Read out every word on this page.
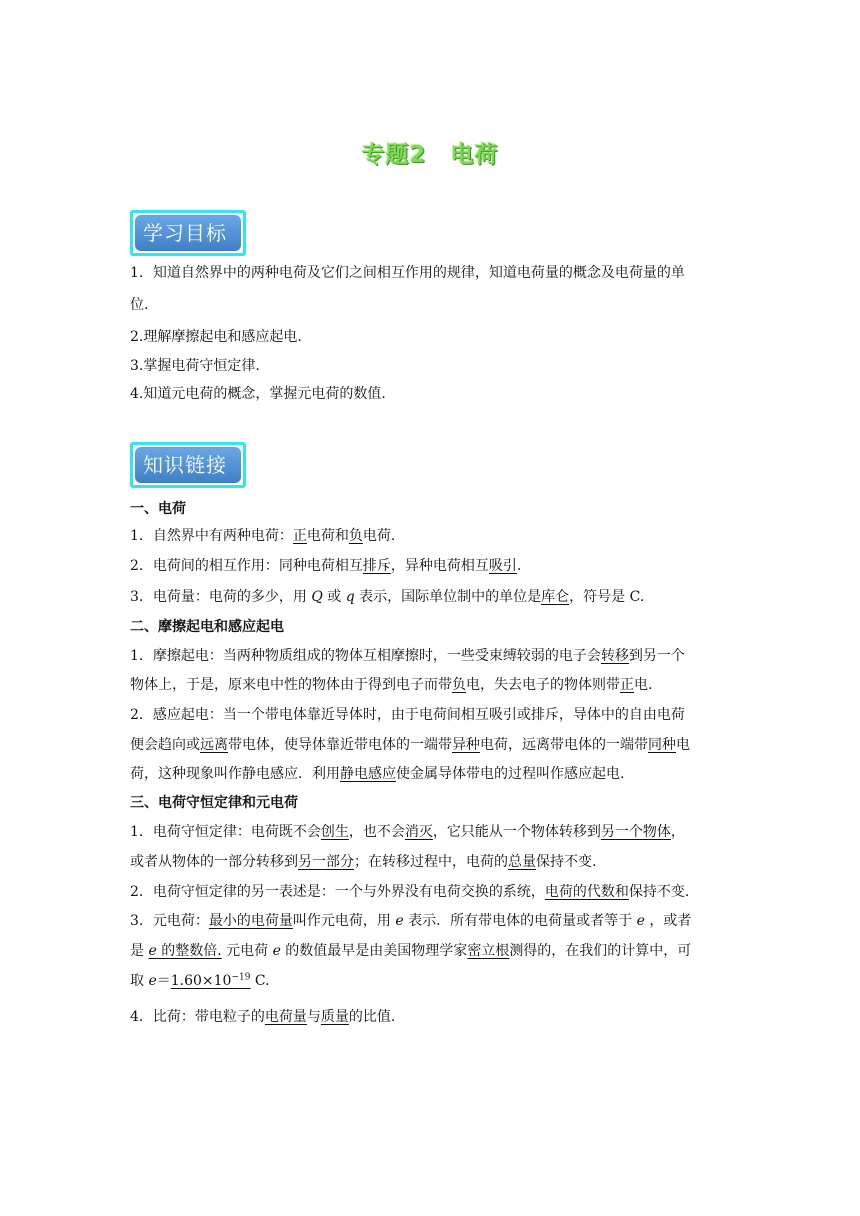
专题2　电荷
学习目标
1．知道自然界中的两种电荷及它们之间相互作用的规律，知道电荷量的概念及电荷量的单
位.
2.理解摩擦起电和感应起电.
3.掌握电荷守恒定律.
4.知道元电荷的概念，掌握元电荷的数值.
知识链接
一、电荷
1．自然界中有两种电荷：正电荷和负电荷.
2．电荷间的相互作用：同种电荷相互排斥，异种电荷相互吸引.
3．电荷量：电荷的多少，用 Q 或 q 表示，国际单位制中的单位是库仑，符号是 C.
二、摩擦起电和感应起电
1．摩擦起电：当两种物质组成的物体互相摩擦时，一些受束缚较弱的电子会转移到另一个
物体上，于是，原来电中性的物体由于得到电子而带负电，失去电子的物体则带正电.
2．感应起电：当一个带电体靠近导体时，由于电荷间相互吸引或排斥，导体中的自由电荷
便会趋向或远离带电体，使导体靠近带电体的一端带异种电荷，远离带电体的一端带同种电
荷，这种现象叫作静电感应．利用静电感应使金属导体带电的过程叫作感应起电.
三、电荷守恒定律和元电荷
1．电荷守恒定律：电荷既不会创生，也不会消灭，它只能从一个物体转移到另一个物体，
或者从物体的一部分转移到另一部分；在转移过程中，电荷的总量保持不变.
2．电荷守恒定律的另一表述是：一个与外界没有电荷交换的系统，电荷的代数和保持不变.
3．元电荷：最小的电荷量叫作元电荷，用 e 表示．所有带电体的电荷量或者等于 e ，或者
是 e 的整数倍. 元电荷 e 的数值最早是由美国物理学家密立根测得的，在我们的计算中，可
取 $e=1.60\times 10^{-19}$ C.
4．比荷：带电粒子的电荷量与质量的比值.
